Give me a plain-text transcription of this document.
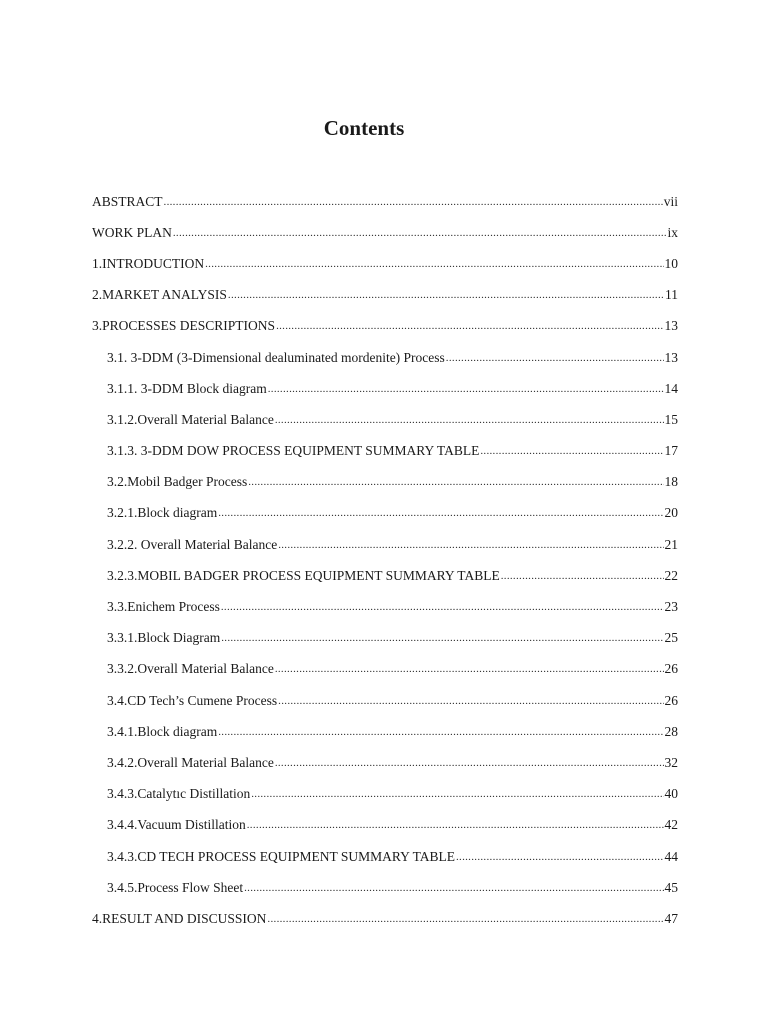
Contents
ABSTRACT .....	vii
WORK PLAN .....	ix
1.INTRODUCTION .....	10
2.MARKET ANALYSIS .....	11
3.PROCESSES DESCRIPTIONS .....	13
3.1. 3-DDM (3-Dimensional dealuminated mordenite) Process .....	13
3.1.1. 3-DDM Block diagram .....	14
3.1.2.Overall Material Balance .....	15
3.1.3. 3-DDM DOW PROCESS EQUIPMENT SUMMARY TABLE .....	17
3.2.Mobil Badger Process .....	18
3.2.1.Block diagram .....	20
3.2.2. Overall Material Balance .....	21
3.2.3.MOBIL BADGER PROCESS EQUIPMENT SUMMARY TABLE .....	22
3.3.Enichem Process .....	23
3.3.1.Block Diagram .....	25
3.3.2.Overall Material Balance .....	26
3.4.CD Tech’s Cumene Process .....	26
3.4.1.Block diagram .....	28
3.4.2.Overall Material Balance .....	32
3.4.3.Catalytıc Distillation .....	40
3.4.4.Vacuum Distillation .....	42
3.4.3.CD TECH PROCESS EQUIPMENT SUMMARY TABLE .....	44
3.4.5.Process Flow Sheet .....	45
4.RESULT AND DISCUSSION .....	47
